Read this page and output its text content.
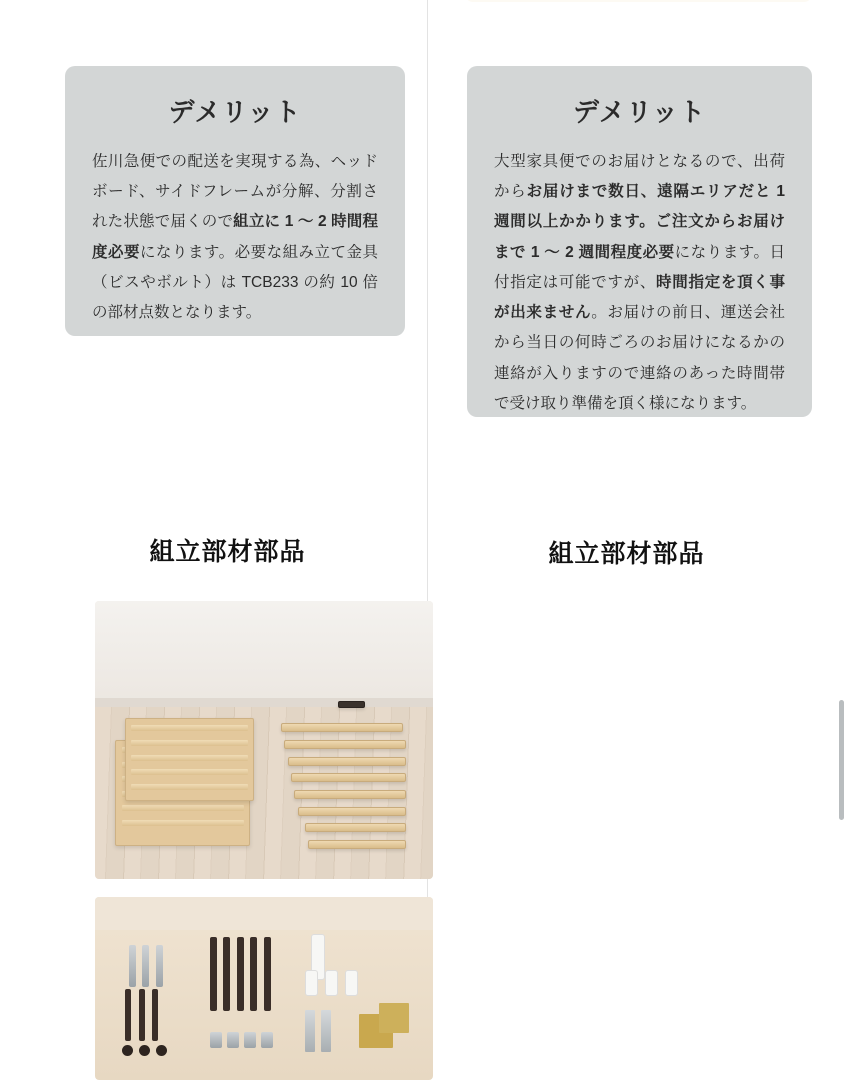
デメリット
佐川急便での配送を実現する為、ヘッドボード、サイドフレームが分解、分割された状態で届くので組立に 1 〜 2 時間程度必要になります。必要な組み立て金具（ビスやボルト）は TCB233 の約 10 倍の部材点数となります。
組立部材部品
デメリット
大型家具便でのお届けとなるので、出荷からお届けまで数日、遠隔エリアだと 1 週間以上かかります。ご注文からお届けまで 1 〜 2 週間程度必要になります。日付指定は可能ですが、時間指定を頂く事が出来ません。お届けの前日、運送会社から当日の何時ごろのお届けになるかの連絡が入りますので連絡のあった時間帯で受け取り準備を頂く様になります。
組立部材部品
